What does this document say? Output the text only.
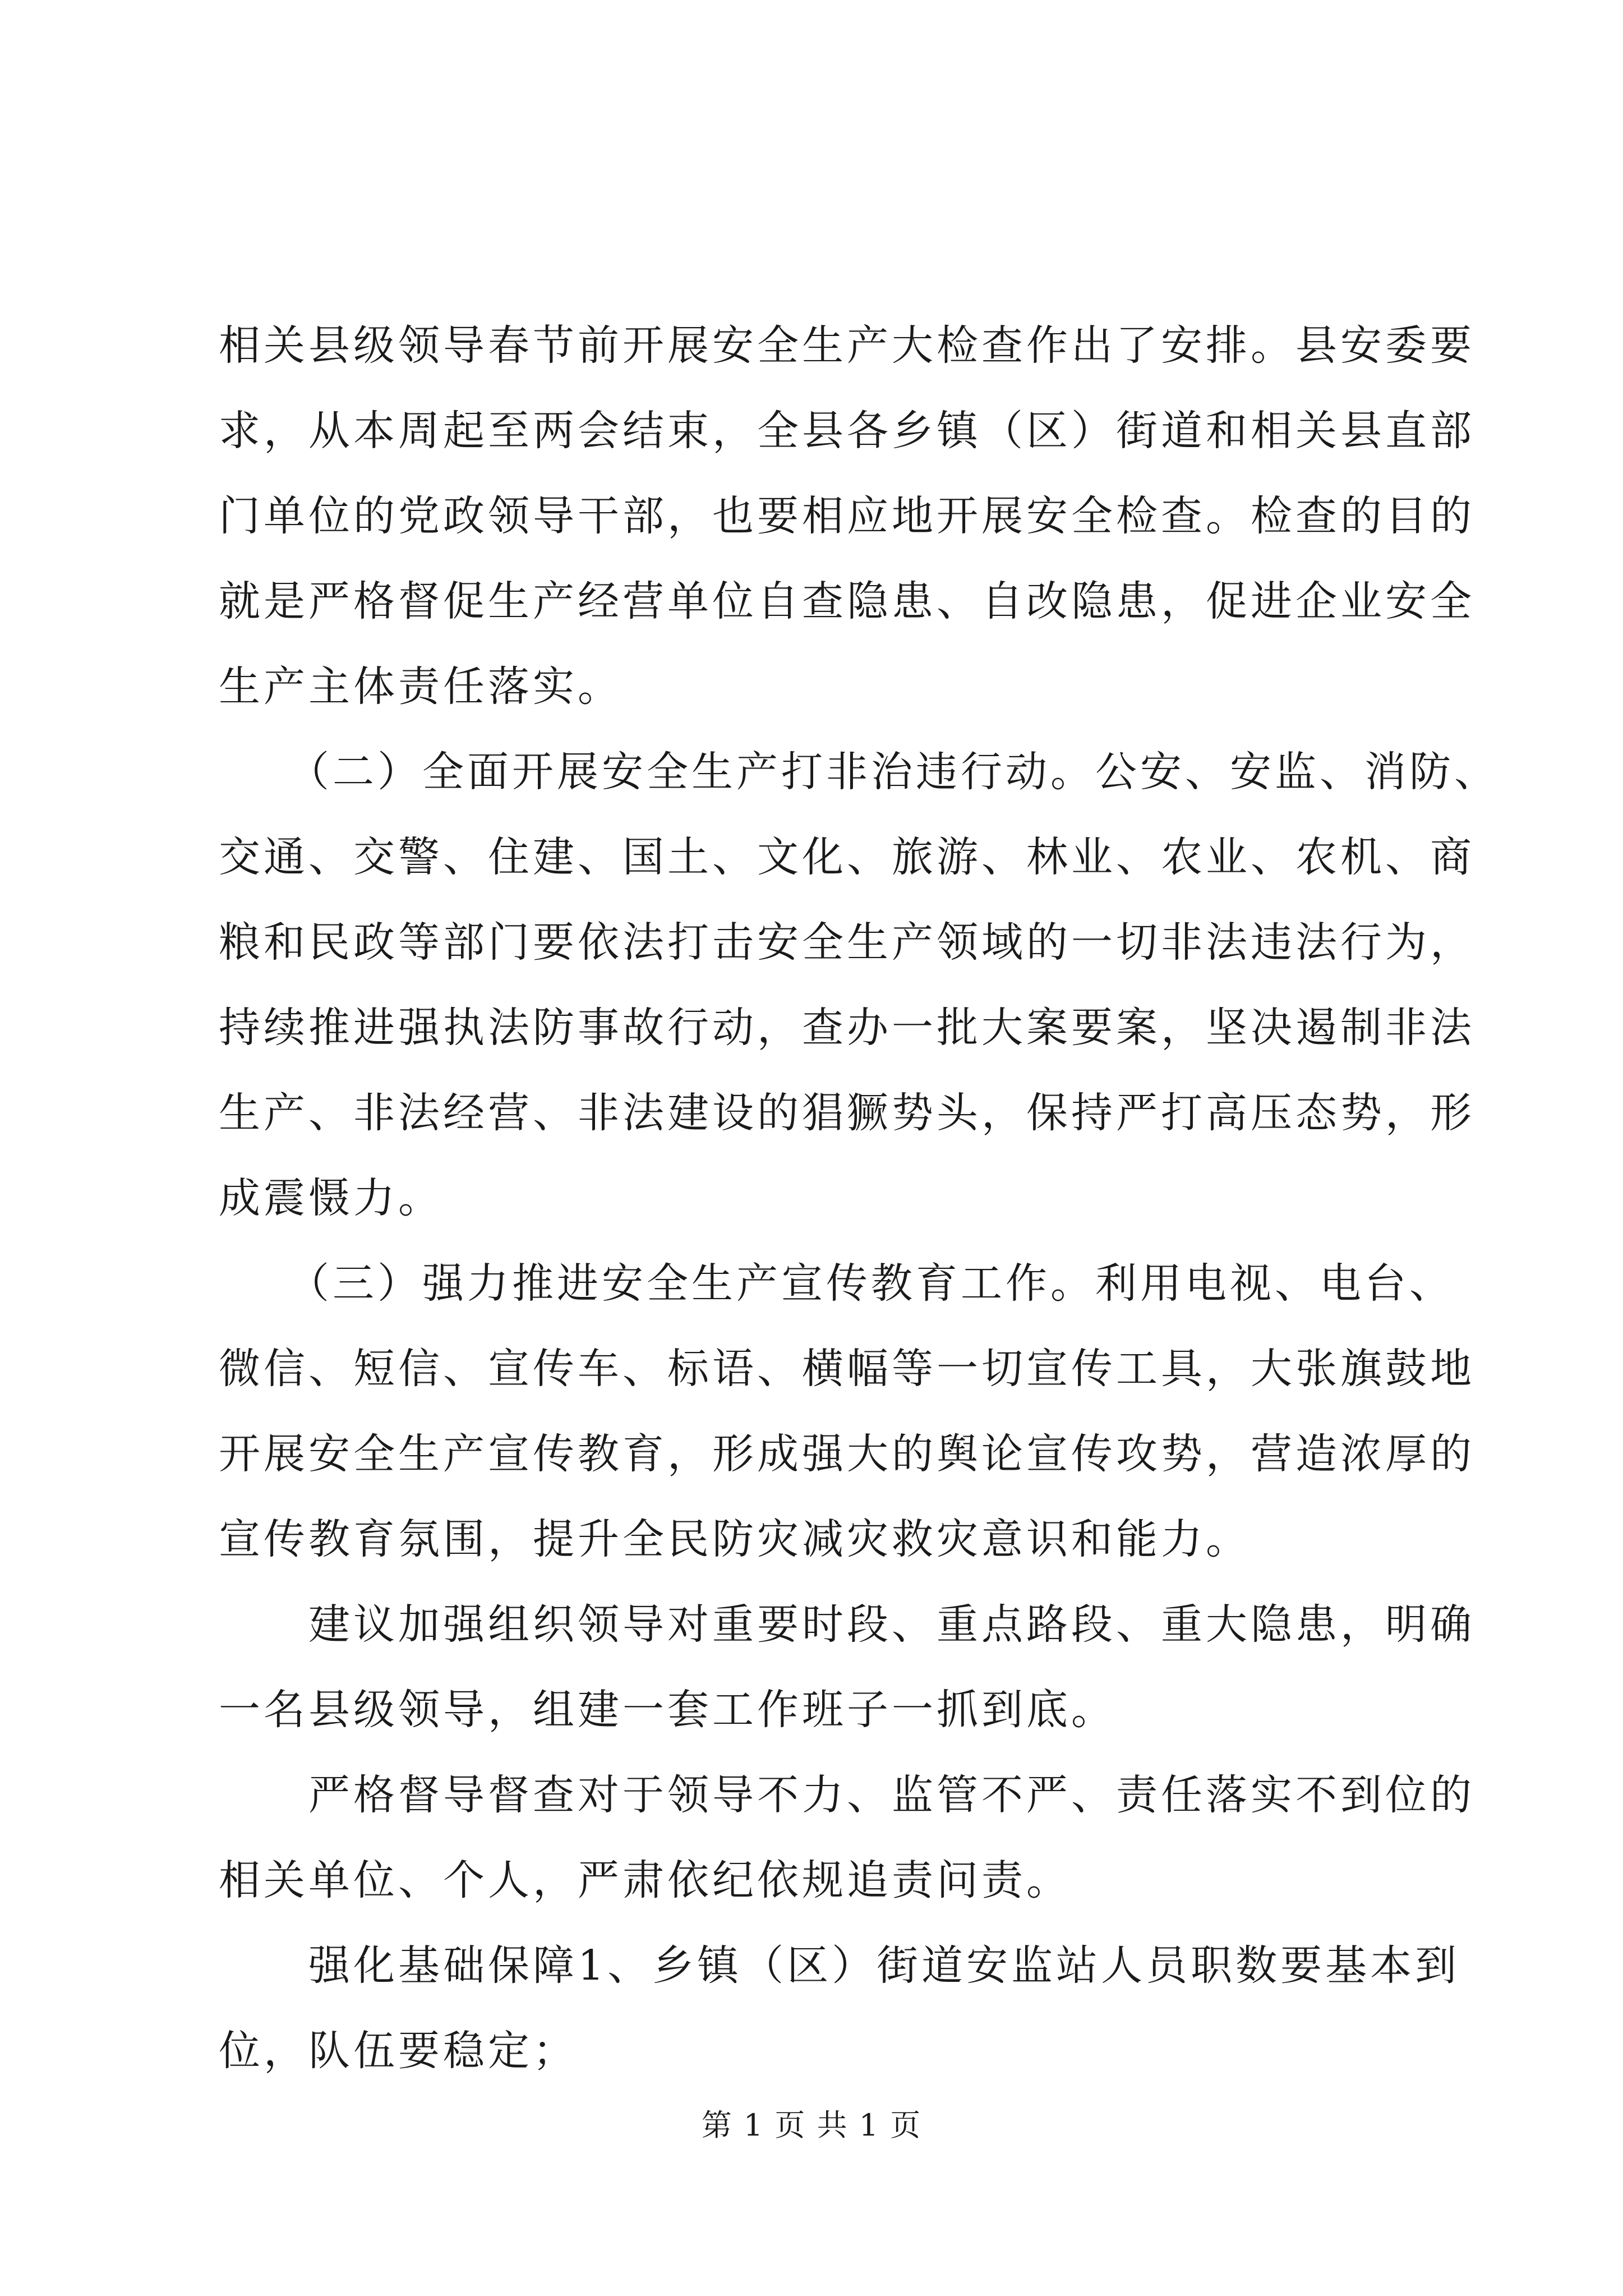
相关县级领导春节前开展安全生产大检查作出了安排。县安委要
求，从本周起至两会结束，全县各乡镇（区）街道和相关县直部
门单位的党政领导干部，也要相应地开展安全检查。检查的目的
就是严格督促生产经营单位自查隐患、自改隐患，促进企业安全
生产主体责任落实。
　　（二）全面开展安全生产打非治违行动。公安、安监、消防、
交通、交警、住建、国土、文化、旅游、林业、农业、农机、商
粮和民政等部门要依法打击安全生产领域的一切非法违法行为，
持续推进强执法防事故行动，查办一批大案要案，坚决遏制非法
生产、非法经营、非法建设的猖獗势头，保持严打高压态势，形
成震慑力。
　　（三）强力推进安全生产宣传教育工作。利用电视、电台、
微信、短信、宣传车、标语、横幅等一切宣传工具，大张旗鼓地
开展安全生产宣传教育，形成强大的舆论宣传攻势，营造浓厚的
宣传教育氛围，提升全民防灾减灾救灾意识和能力。
　　建议加强组织领导对重要时段、重点路段、重大隐患，明确
一名县级领导，组建一套工作班子一抓到底。
　　严格督导督查对于领导不力、监管不严、责任落实不到位的
相关单位、个人，严肃依纪依规追责问责。
　　强化基础保障1、乡镇（区）街道安监站人员职数要基本到
位，队伍要稳定；
第 1 页 共 1 页
